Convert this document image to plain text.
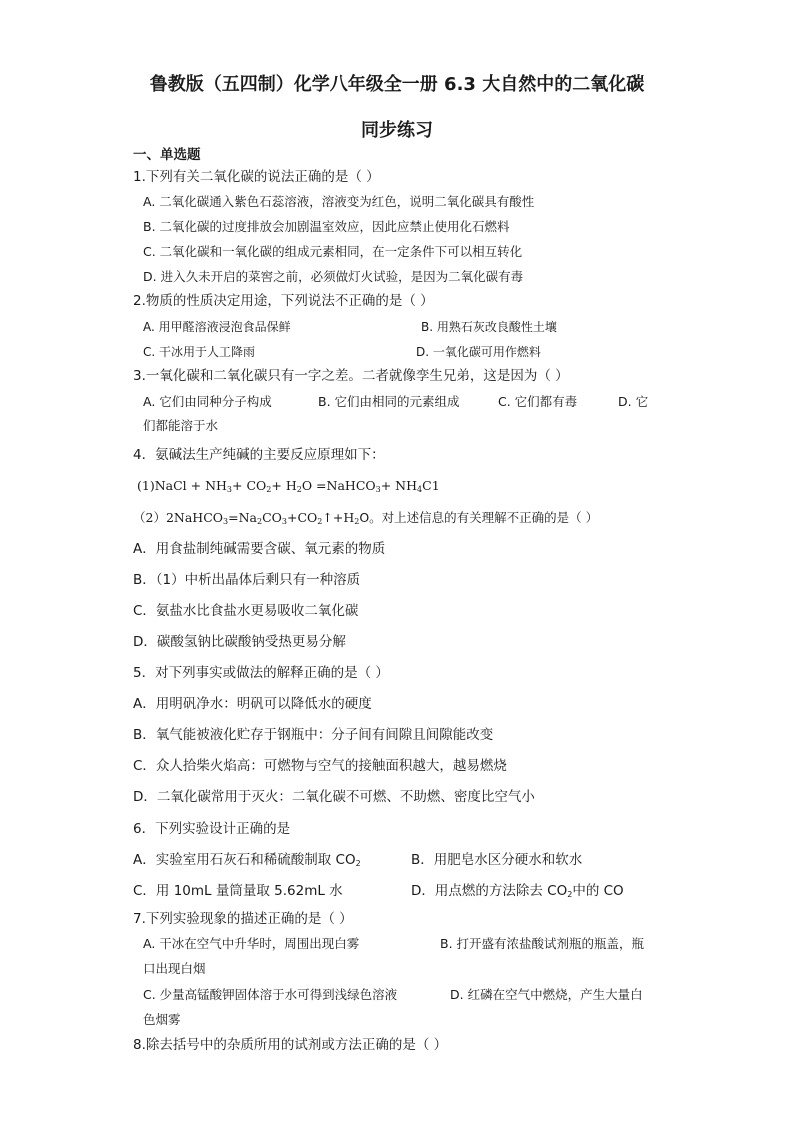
鲁教版（五四制）化学八年级全一册 6.3 大自然中的二氧化碳
同步练习
一、单选题
1.下列有关二氧化碳的说法正确的是（ ）
A. 二氧化碳通入紫色石蕊溶液，溶液变为红色，说明二氧化碳具有酸性
B. 二氧化碳的过度排放会加剧温室效应，因此应禁止使用化石燃料
C. 二氧化碳和一氧化碳的组成元素相同，在一定条件下可以相互转化
D. 进入久未开启的菜窖之前，必须做灯火试验，是因为二氧化碳有毒
2.物质的性质决定用途，下列说法不正确的是（ ）
A. 用甲醛溶液浸泡食品保鲜	B. 用熟石灰改良酸性土壤
C. 干冰用于人工降雨	D. 一氧化碳可用作燃料
3.一氧化碳和二氧化碳只有一字之差。二者就像孪生兄弟，这是因为（ ）
A. 它们由同种分子构成	B. 它们由相同的元素组成	C. 它们都有毒	D. 它
们都能溶于水
4．氨碱法生产纯碱的主要反应原理如下：
(1)NaCl + $NH_3+ CO_2+ H_2O$ =NaHCO$_3$+ $NH_4C1$
$(2)2NaHCO_3=Na_2CO_3+CO_2↑+H_2O$。对上述信息的有关理解不正确的是（ ）
A．用食盐制纯碱需要含碳、氧元素的物质
B．（1）中析出晶体后剩只有一种溶质
C．氨盐水比食盐水更易吸收二氧化碳
D．碳酸氢钠比碳酸钠受热更易分解
5．对下列事实或做法的解释正确的是（ ）
A．用明矾净水：明矾可以降低水的硬度
B．氧气能被液化贮存于钢瓶中：分子间有间隙且间隙能改变
C．众人拾柴火焰高：可燃物与空气的接触面积越大，越易燃烧
D．二氧化碳常用于灭火：二氧化碳不可燃、不助燃、密度比空气小
6．下列实验设计正确的是
A．实验室用石灰石和稀硫酸制取 $CO_2$	B．用肥皂水区分硬水和软水
C．用 10mL 量筒量取 5.62mL 水	D．用点燃的方法除去 $CO_2$中的 CO
7.下列实验现象的描述正确的是（ ）
A. 干冰在空气中升华时，周围出现白雾	B. 打开盛有浓盐酸试剂瓶的瓶盖，瓶
口出现白烟
C. 少量高锰酸钾固体溶于水可得到浅绿色溶液	D. 红磷在空气中燃烧，产生大量白
色烟雾
8.除去括号中的杂质所用的试剂或方法正确的是（ ）
